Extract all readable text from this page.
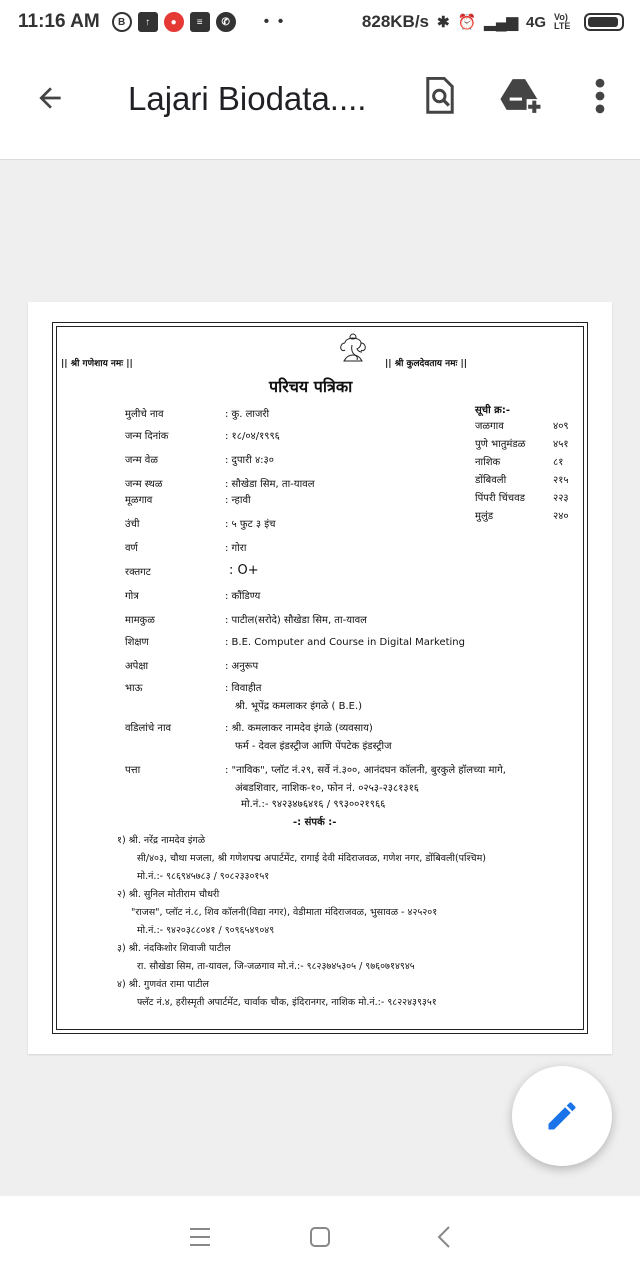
11:16 AM	B	↑	●	≡	✆	• •	828KB/s ✱ ⏰ ▂▄▆ 4G Vo) LTE
Lajari Biodata....
|| श्री गणेशाय नमः ||	|| श्री कुलदेवताय नमः ||
परिचय पत्रिका
मुलीचे नाव	: कु. लाजरी
जन्म दिनांक	: १८/०४/१९९६
जन्म वेळ	: दुपारी ४:३०
जन्म स्थळ	: सौखेडा सिम, ता-यावल
मूळगाव	: न्हावी
उंची	: ५ फुट ३ इंच
वर्ण	: गोरा
रक्तगट	: O+
गोत्र	: कौंडिण्य
मामकुळ	: पाटील(सरोदे) सौखेडा सिम, ता-यावल
शिक्षण	: B.E. Computer and Course in Digital Marketing
अपेक्षा	: अनुरूप
भाऊ	: विवाहीत
श्री. भूपेंद्र कमलाकर इंगळे ( B.E.)
वडिलांचे नाव	: श्री. कमलाकर नामदेव इंगळे (व्यवसाय)
फर्म - देवल इंडस्ट्रीज आणि पेंपटेक इंडस्ट्रीज
पत्ता	: "नाविक", प्लॉट नं.२९, सर्वे नं.३००, आनंदघन कॉलनी, बुरकुले हॉलच्या मागे,
अंबडशिवार, नाशिक-१०, फोन नं. ०२५३-२३८१३१६
मो.नं.:- ९४२३४७६४१६ / ९९३००२१९६६
सूची क्र:-
जळगाव	४०९
पुणे भातुमंडळ	४५१
नाशिक	८१
डोंबिवली	२१५
पिंपरी चिंचवड	२२३
मुलुंड	२४०
-: संपर्क :-
१) श्री. नरेंद्र नामदेव इंगळे
सी/४०३, चौथा मजला, श्री गणेशपद्म अपार्टमेंट, रागाई देवी मंदिराजवळ, गणेश नगर, डोंबिवली(पश्चिम)
मो.नं.:- ९८६९४५७८३ / ९०८२३३०१५१
२) श्री. सुनिल मोतीराम चौधरी
"राजस", प्लॉट नं.८, शिव कॉलनी(विद्या नगर), वेडीमाता मंदिराजवळ, भुसावळ - ४२५२०१
मो.नं.:- ९४२०३८८०४१ / ९०९६५४९०४९
३) श्री. नंदकिशोर शिवाजी पाटील
रा. सौखेडा सिम, ता-यावल, जि-जळगाव मो.नं.:- ९८२३७४५३०५ / ९७६०७१४९४५
४) श्री. गुणवंत रामा पाटील
फ्लॅट नं.४, हरीस्मृती अपार्टमेंट, चार्वाक चौक, इंदिरानगर, नाशिक मो.नं.:- ९८२२४३९३५१
